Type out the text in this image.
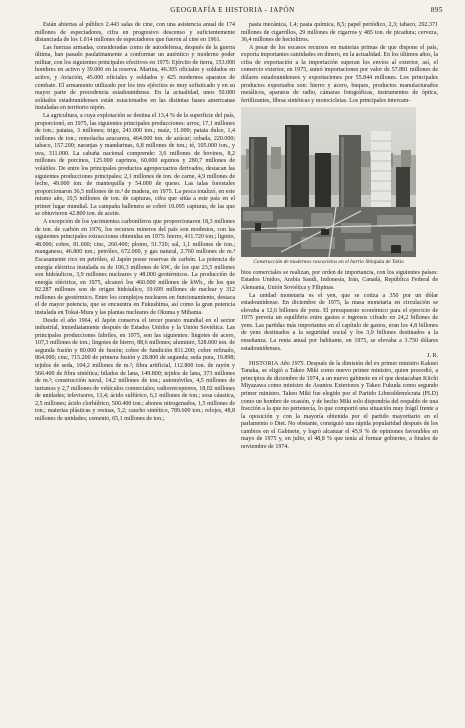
GEOGRAFÍA E HISTORIA - JAPÓN	895

Están abiertas al público 2.443 salas de cine, con una asistencia anual de 174 millones de espectadores, cifra en progresivo descenso y suficientemente distanciada de los 1.014 millones de espectadores que fueron al cine en 1961.

Las fuerzas armadas, consideradas como de autodefensa, después de la guerra última, han pasado paulatinamente a conformar un auténtico y moderno poder militar, con los siguientes principales efectivos en 1975: Ejército de tierra, 153.000 hombres en activo y 39.000 en la reserva. Marina, 46.305 oficiales y soldados en activo, y Aviación, 45.000 oficiales y soldados y 425 modernos aparatos de combate. El armamento utilizado por los tres ejércitos es muy sofisticado y en su mayor parte de procedencia estadounidense. En la actualidad, unos 50.000 soldados estadounidenses están estacionados en las distintas bases americanas instaladas en territorio nipón.

La agricultura, a cuya explotación se destina el 13,4 % de la superficie del país, proporcionó, en 1975, las siguientes principales producciones: arroz, 17,1 millones de ton.; patatas, 3 millones; trigo, 241.000 ton.; maíz, 11.000; patata dulce, 1,4 millones de ton.; remolacha azucarera, 464.000 ton. de azúcar; cebada, 220.000; tabaco, 157.200; naranjas y mandarinas, 6,8 millones de ton.; té, 105.000 ton., y uva, 311.000. La cabaña nacional comprende: 3,6 millones de bovinos, 8,2 millones de porcinos, 125.000 caprinos, 60.000 equinos y 280,7 millones de volátiles. De entre los principales productos agropecuarios derivados, destacan las siguientes producciones principales: 2,1 millones de ton. de carne, 4,9 millones de leche, 49.000 ton. de mantequilla y 54.000 de queso. Las talas forestales proporcionaron 36,5 millones de m.³ de madera, en 1975. La pesca totalizó, en este mismo año, 10,5 millones de ton. de capturas, cifra que sitúa a este país en el primer lugar mundial. La campaña ballenera se cobró 10.095 capturas, de las que se obtuvieron 42.800 ton. de aceite.

A excepción de los yacimientos carboníferos que proporcionaron 18,3 millones de ton. de carbón en 1976, los recursos mineros del país son modestos, con las siguientes principales extracciones obtenidas en 1975: hierro, 411.720 ton.; lignito, 48.000; cobre, 81.600; cinc, 260.400; plomo, 51.720; sal, 1,1 millones de ton.; manganeso, 46.800 ton.; petróleo, 672.000, y gas natural, 2.760 millones de m.³ Escasamente rico en petróleo, el Japón posee reservas de carbón. La potencia de energía eléctrica instalada es de 106,3 millones de kW., de los que 23,5 millones son hidráulicos, 3,9 millones nucleares y 48.000 geotérmicos. La producción de energía eléctrica, en 1975, alcanzó los 460.000 millones de kWh., de los que 82.287 millones son de origen hidráulico, 19.699 millones de nuclear y 312 millones de geotérmico. Entre los complejos nucleares en funcionamiento, destaca el de mayor potencia, que se encuentra en Fukushima, así como la gran potencia instalada en Tokai-Mura y las plantas nucleares de Okuma y Mihama.

Desde el año 1964, el Japón conserva el tercer puesto mundial en el sector industrial, inmediatamente después de Estados Unidos y la Unión Soviética. Las principales producciones fabriles, en 1975, son las siguientes: lingotes de acero, 107,3 millones de ton.; lingotes de hierro, 88,6 millones; aluminio, 528.000 ton. de segunda fusión y 80.000 de fusión; cobre de fundición 811.200; cobre refinado, 864.000; cinc, 715.200 de primera fusión y 28.800 de segunda; seda pura, 19.898; tejidos de seda, 104,2 millones de m.²; fibra artificial, 112.800 ton. de rayón y 566.400 de fibra sintética; hilados de lana, 149.800; tejidos de lana, 373 millones de m.²; construcción naval, 14,2 millones de ton.; automóviles, 4,5 millones de turismos y 2,7 millones de vehículos comerciales; radiorreceptores, 18,02 millones de unidades; televisores, 13,4; ácido sulfúrico, 6,1 millones de ton.; sosa cáustica, 2,5 millones; ácido clorhídrico, 500.400 ton.; abonos nitrogenados, 1,5 millones de ton.; materias plásticas y resinas, 5,2; caucho sintético, 789.600 ton.; relojes, 48,8 millones de unidades; cemento, 65,1 millones de ton.;

pasta mecánica, 1,4; pasta química, 8,5; papel periódico, 2,3; tabaco, 292.371 millones de cigarrillos, 29 millones de cigarros y 485 ton. de picadura; cerveza, 36,4 millones de hectolitros.

A pesar de los escasos recursos en materias primas de que dispone el país, exporta importantes cantidades en dinero, en la actualidad. En los últimos años, la cifra de exportación a la importación superan los envíos al exterior, así, el comercio exterior, en 1975, sumó importaciones por valor de 57.881 millones de dólares estadounidenses y exportaciones por 55.844 millones. Los principales productos exportados son: hierro y acero, buques, productos manufacturados metálicos, aparatos de radio, cámaras fotográficas, instrumentos de óptica, fertilizantes, fibras sintéticas y motocicletas. Los principales intercam-

Construcción de modernos rascacielos en el barrio Shinjuku de Tokio

bios comerciales se realizan, por orden de importancia, con los siguientes países: Estados Unidos, Arabia Saudí, Indonesia, Irán, Canadá, República Federal de Alemania, Unión Soviética y Filipinas.

La unidad monetaria es el yen, que se cotiza a 350 por un dólar estadounidense. En diciembre de 1975, la masa monetaria en circulación se elevaba a 12,6 billones de yens. El presupuesto económico para el ejercicio de 1975 preveía un equilibrio entre gastos e ingresos cifrado en 24,2 billones de yens. Las partidas más importantes en el capítulo de gastos, eran los 4,8 billones de yens destinados a la seguridad social y los 3,9 billones destinados a la enseñanza. La renta anual por habitante, en 1975, se elevaba a 3.750 dólares estadounidenses.

J. R.

HISTORIA Año 1975. Después de la dimisión del ex primer ministro Kakuei Tanaka, se eligió a Takeo Miki como nuevo primer ministro, quien procedió, a principios de diciembre de 1974, a un nuevo gabinete en el que destacaban Kiichi Miyazawa como ministro de Asuntos Exteriores y Takeo Fukuda como segundo primer ministro. Takeo Miki fue elegido por el Partido Liberaldemócrata (PLD) como un hombre de ocasión, y de hecho Miki solo dispondría del respaldo de una fracción a la que no pertenecía, lo que comportó una situación muy frágil frente a la oposición y con la mayoría obtenida por el partido mayoritario en el parlamento o Diet. No obstante, consiguió una rápida popularidad después de los cambios en el Gabinete, y logró alcanzar el 45,9 % de opiniones favorables en mayo de 1975 y, en julio, el 48,8 % que tenía al formar gobierno, a finales de noviembre de 1974.
